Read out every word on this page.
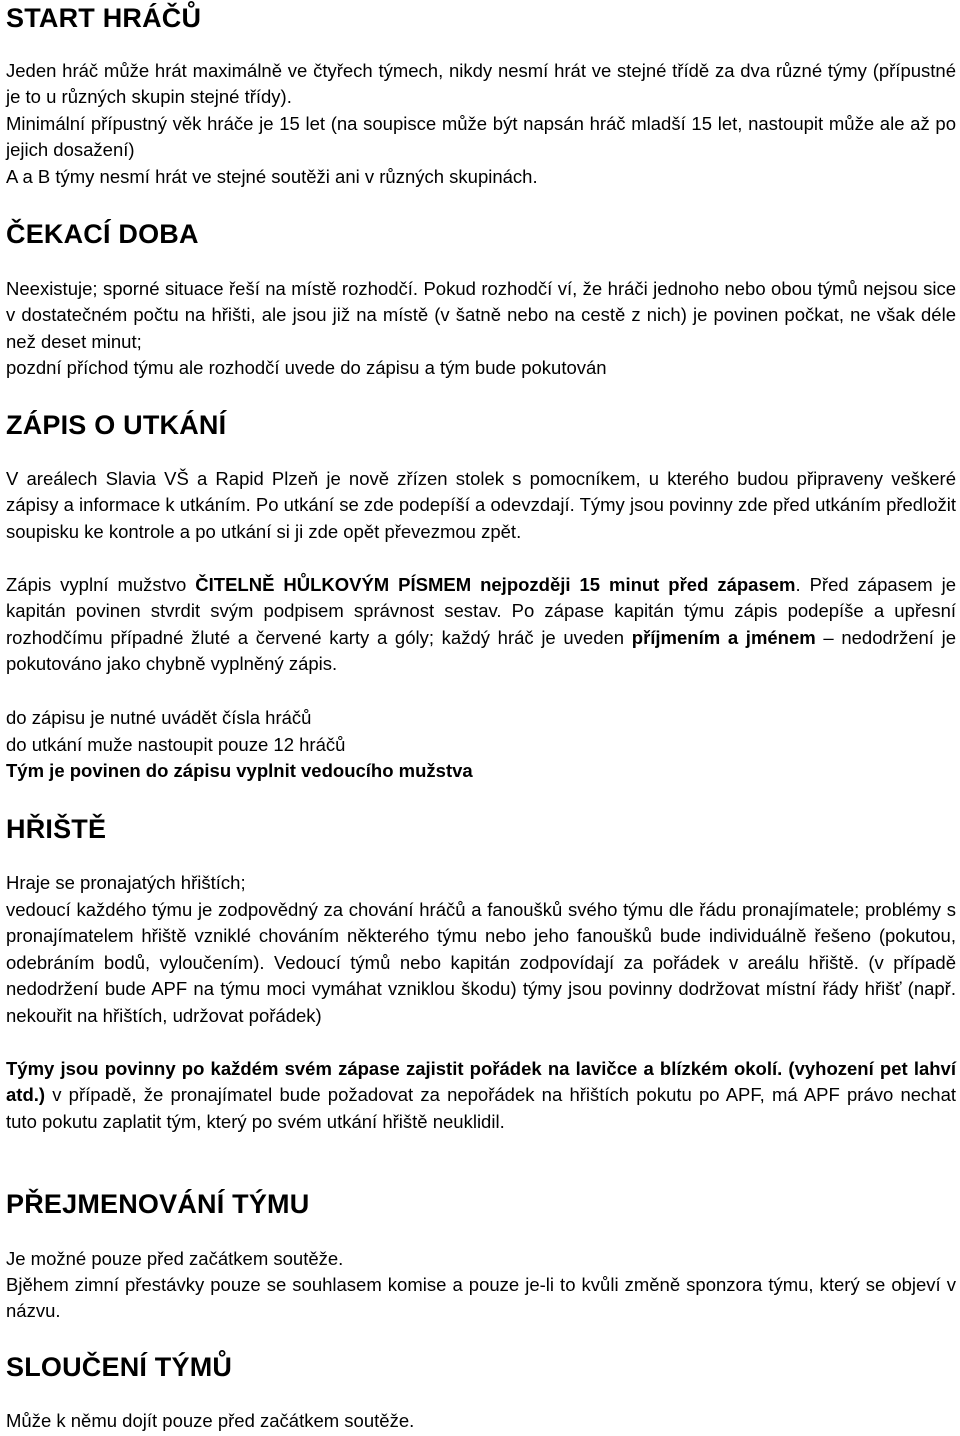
START HRÁČŮ

Jeden hráč může hrát maximálně ve čtyřech týmech, nikdy nesmí hrát ve stejné třídě za dva různé týmy (přípustné je to u různých skupin stejné třídy).

Minimální přípustný věk hráče je 15 let (na soupisce může být napsán hráč mladší 15 let, nastoupit může ale až po jejich dosažení)

A a B týmy nesmí hrát ve stejné soutěži ani v různých skupinách.

ČEKACÍ DOBA

Neexistuje; sporné situace řeší na místě rozhodčí. Pokud rozhodčí ví, že hráči jednoho nebo obou týmů nejsou sice v dostatečném počtu na hřišti, ale jsou již na místě (v šatně nebo na cestě z nich) je povinen počkat, ne však déle než deset minut;

pozdní příchod týmu ale rozhodčí uvede do zápisu a tým bude pokutován

ZÁPIS O UTKÁNÍ

V areálech Slavia VŠ a Rapid Plzeň je nově zřízen stolek s pomocníkem, u kterého budou připraveny veškeré zápisy a informace k utkáním. Po utkání se zde podepíší a odevzdají. Týmy jsou povinny zde před utkáním předložit soupisku ke kontrole a po utkání si ji zde opět převezmou zpět.

Zápis vyplní mužstvo ČITELNĚ HŮLKOVÝM PÍSMEM nejpozději 15 minut před zápasem. Před zápasem je kapitán povinen stvrdit svým podpisem správnost sestav. Po zápase kapitán týmu zápis podepíše a upřesní rozhodčímu případné žluté a červené karty a góly; každý hráč je uveden příjmením a jménem – nedodržení je pokutováno jako chybně vyplněný zápis.

do zápisu je nutné uvádět čísla hráčů

do utkání muže nastoupit pouze 12 hráčů

Tým je povinen do zápisu vyplnit vedoucího mužstva

HŘIŠTĚ

Hraje se pronajatých hřištích;

vedoucí každého týmu je zodpovědný za chování hráčů a fanoušků svého týmu dle řádu pronajímatele; problémy s pronajímatelem hřiště vzniklé chováním některého týmu nebo jeho fanoušků bude individuálně řešeno (pokutou, odebráním bodů, vyloučením). Vedoucí týmů nebo kapitán zodpovídají za pořádek v areálu hřiště. (v případě nedodržení bude APF na týmu moci vymáhat vzniklou škodu) týmy jsou povinny dodržovat místní řády hřišť (např. nekouřit na hřištích, udržovat pořádek)

Týmy jsou povinny po každém svém zápase zajistit pořádek na lavičce a blízkém okolí. (vyhození pet lahví atd.) v případě, že pronajímatel bude požadovat za nepořádek na hřištích pokutu po APF, má APF právo nechat tuto pokutu zaplatit tým, který po svém utkání hřiště neuklidil.

PŘEJMENOVÁNÍ TÝMU

Je možné pouze před začátkem soutěže.

Bjěhem zimní přestávky pouze se souhlasem komise a pouze je-li to kvůli změně sponzora týmu, který se objeví v názvu.

SLOUČENÍ TÝMŮ

Může k němu dojít pouze před začátkem soutěže.
